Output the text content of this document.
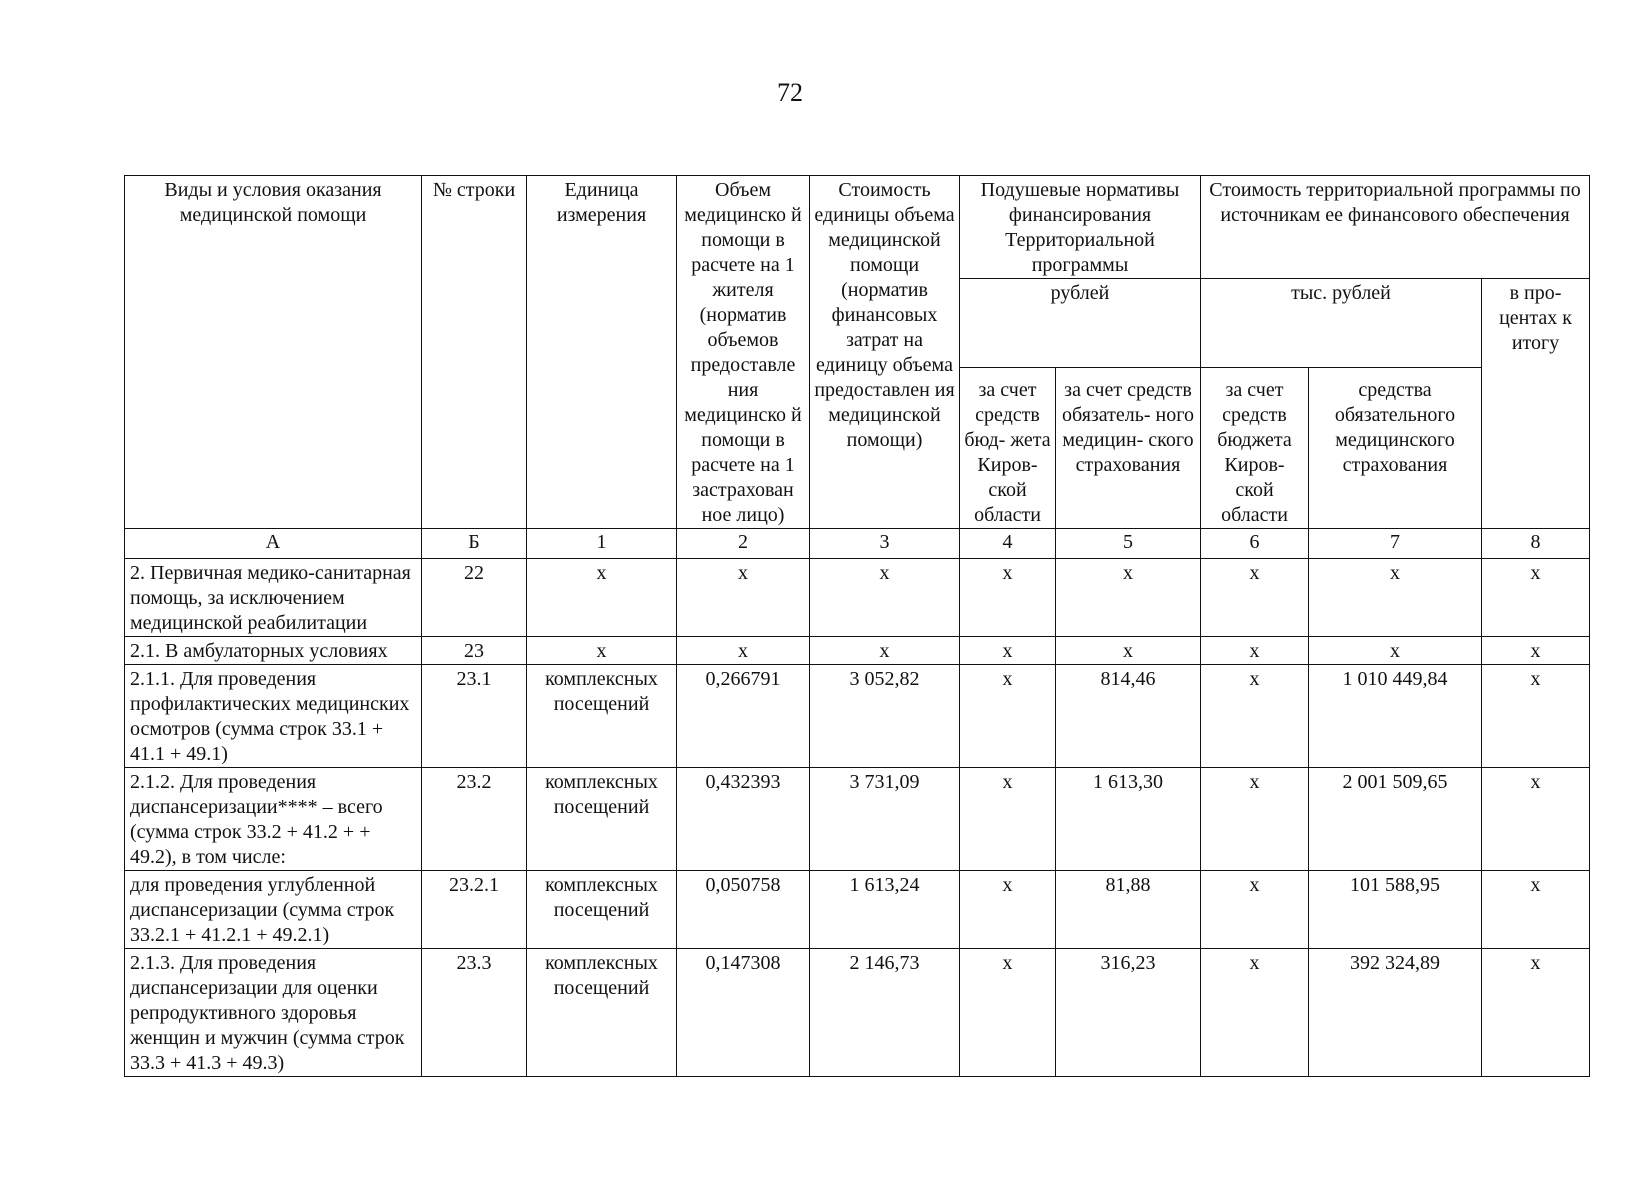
72
Виды и условия оказания медицинской помощи	№ строки	Единица измерения	Объем медицинско й помощи в расчете на 1 жителя (норматив объемов предоставле ния медицинско й помощи в расчете на 1 застрахован ное лицо)	Стоимость единицы объема медицинской помощи (норматив финансовых затрат на единицу объема предоставлен ия медицинской помощи)	Подушевые нормативы финансирования Территориальной программы		Стоимость территориальной программы по источникам ее финансового обеспечения		
					рублей		тыс. рублей		в про- центах к итогу
					за счет средств бюд- жета Киров- ской области	за счет средств обязатель- ного медицин- ского страхования	за счет средств бюджета Киров- ской области	средства обязательного медицинского страхования	
А	Б	1	2	3	4	5	6	7	8
2. Первичная медико-санитарная помощь, за исключением медицинской реабилитации	22	х	х	х	х	х	х	х	х
2.1. В амбулаторных условиях	23	х	х	х	х	х	х	х	х
2.1.1. Для проведения профилактических медицинских осмотров (сумма строк 33.1 + 41.1 + 49.1)	23.1	комплексных посещений	0,266791	3 052,82	х	814,46	х	1 010 449,84	х
2.1.2. Для проведения диспансеризации**** – всего (сумма строк 33.2 + 41.2 + + 49.2), в том числе:	23.2	комплексных посещений	0,432393	3 731,09	х	1 613,30	х	2 001 509,65	х
для проведения углубленной диспансеризации (сумма строк 33.2.1 + 41.2.1 + 49.2.1)	23.2.1	комплексных посещений	0,050758	1 613,24	х	81,88	х	101 588,95	х
2.1.3. Для проведения диспансеризации для оценки репродуктивного здоровья женщин и мужчин (сумма строк 33.3 + 41.3 + 49.3)	23.3	комплексных посещений	0,147308	2 146,73	х	316,23	х	392 324,89	х
